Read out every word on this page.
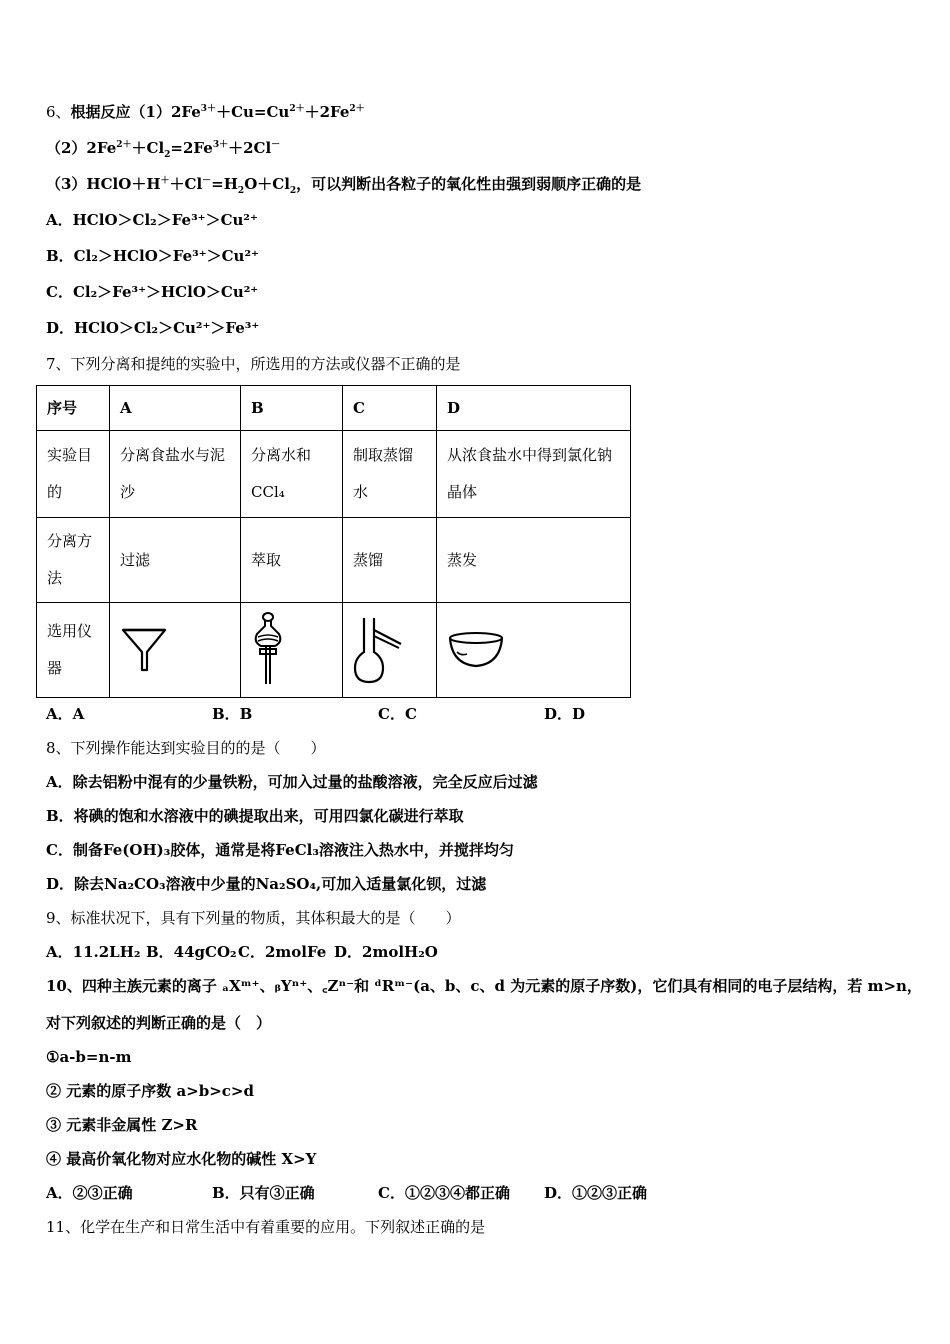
6、根据反应$(1)2Fe^{3+}+Cu=Cu^{2+}+2Fe^{2+}$
$(2)2Fe^{2+}+Cl_2=2Fe^{3+}+2Cl^-$
$(3)HClO+H^++Cl^-=H_2O+Cl_2$，可以判断出各粒子的氧化性由强到弱顺序正确的是
A．HClO＞Cl₂＞Fe³⁺＞Cu²⁺
B．Cl₂＞HClO＞Fe³⁺＞Cu²⁺
C．Cl₂＞Fe³⁺＞HClO＞Cu²⁺
D．HClO＞Cl₂＞Cu²⁺＞Fe³⁺
7、下列分离和提纯的实验中，所选用的方法或仪器不正确的是
序号	A	B	C	D
实验目的	分离食盐水与泥沙	分离水和CCl₄	制取蒸馏水	从浓食盐水中得到氯化钠晶体
分离方法	过滤	萃取	蒸馏	蒸发
选用仪器	

A．A	B．B	C．C	D．D
8、下列操作能达到实验目的的是（　　）
A．除去铝粉中混有的少量铁粉，可加入过量的盐酸溶液，完全反应后过滤
B．将碘的饱和水溶液中的碘提取出来，可用四氯化碳进行萃取
C．制备Fe(OH)₃胶体，通常是将FeCl₃溶液注入热水中，并搅拌均匀
D．除去Na₂CO₃溶液中少量的Na₂SO₄,可加入适量氯化钡，过滤
9、标准状况下，具有下列量的物质，其体积最大的是（　　）
A．11.2LH₂ B．44gCO₂C．2molFe D．2molH₂O
10、四种主族元素的离子 ₐXᵐ⁺、ᵦYⁿ⁺、꜀Zⁿ⁻和 ᵈRᵐ⁻(a、b、c、d 为元素的原子序数)，它们具有相同的电子层结构，若 m>n，
对下列叙述的判断正确的是（　）
①a-b=n-m
② 元素的原子序数 a>b>c>d
③ 元素非金属性 Z>R
④ 最高价氧化物对应水化物的碱性 X>Y
A．②③正确	B．只有③正确	C．①②③④都正确 D．①②③正确
11、化学在生产和日常生活中有着重要的应用。下列叙述正确的是
